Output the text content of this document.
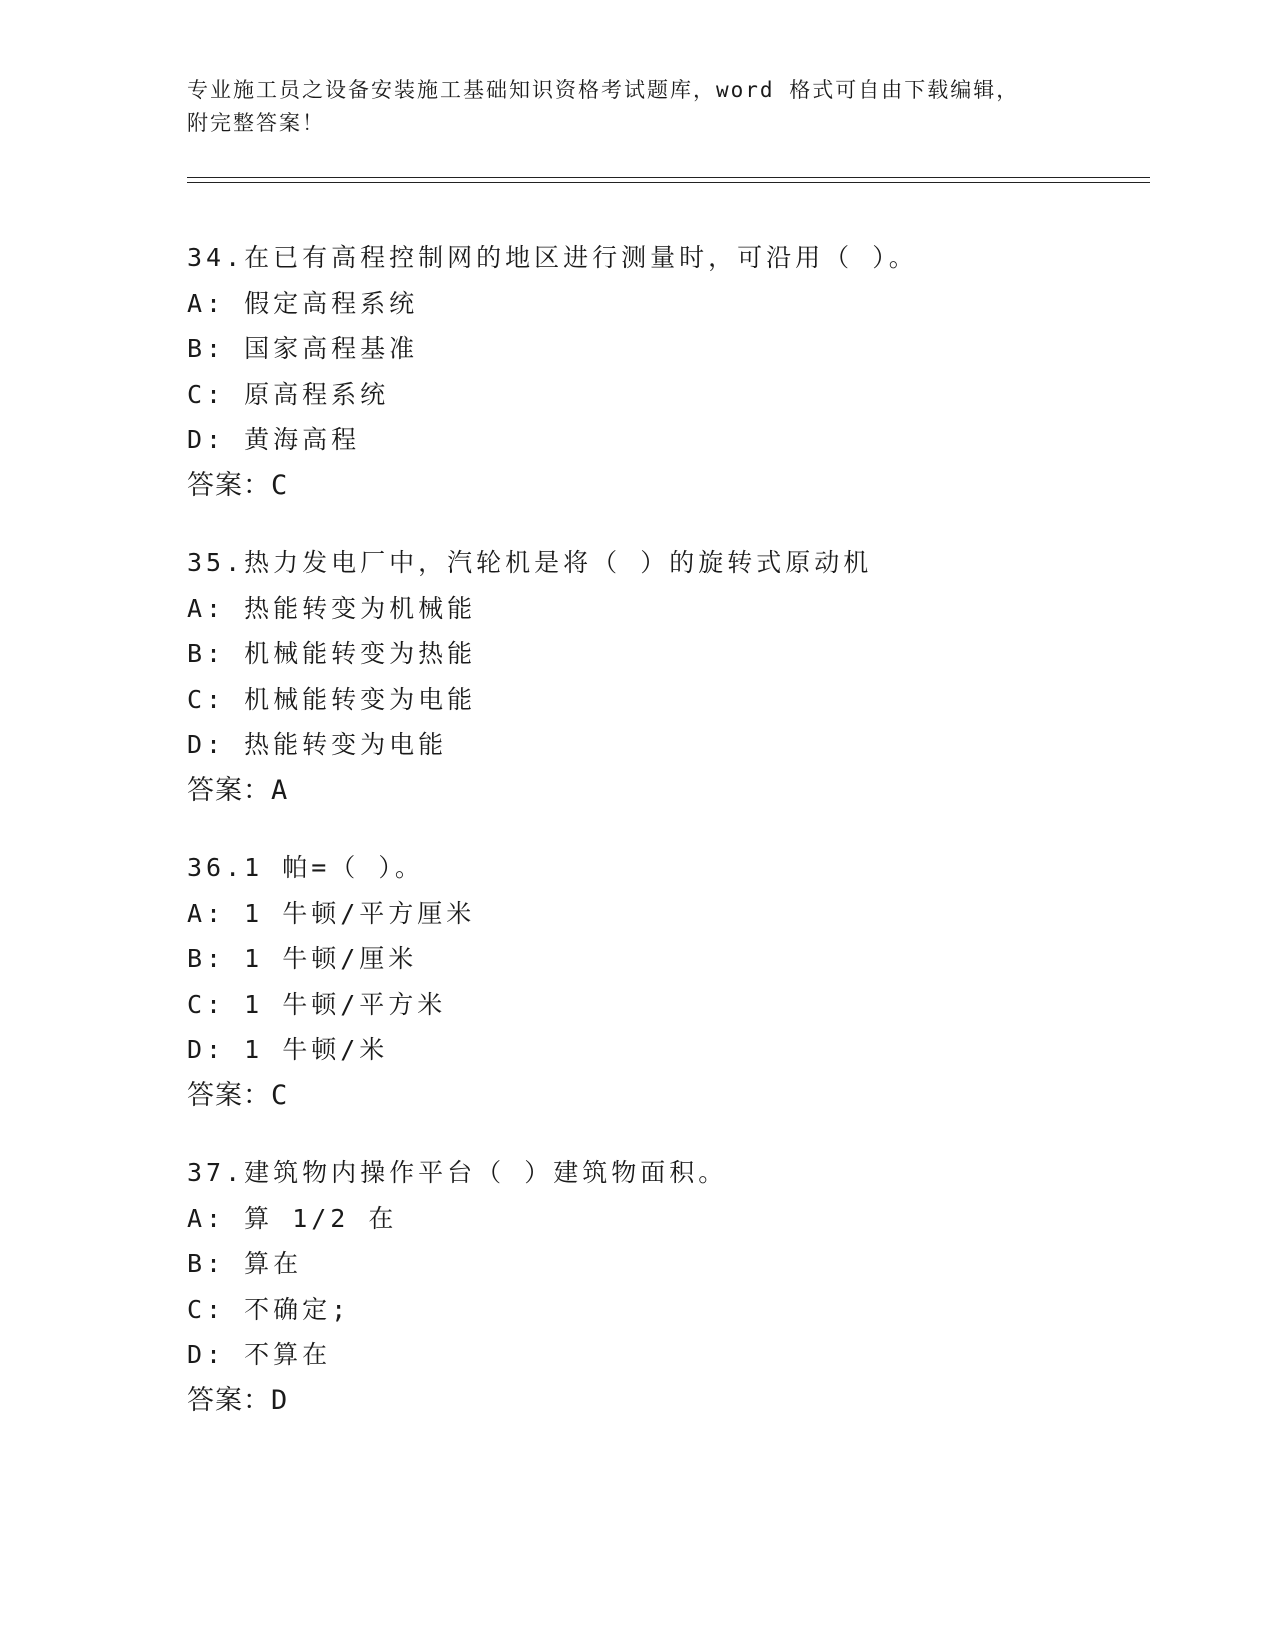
专业施工员之设备安装施工基础知识资格考试题库，word 格式可自由下载编辑，
附完整答案！
34.在已有高程控制网的地区进行测量时，可沿用（ ）。
A: 假定高程系统
B: 国家高程基准
C: 原高程系统
D: 黄海高程
答案：C
35.热力发电厂中，汽轮机是将（ ）的旋转式原动机
A: 热能转变为机械能
B: 机械能转变为热能
C: 机械能转变为电能
D: 热能转变为电能
答案：A
36.1 帕=（ ）。
A: 1 牛顿/平方厘米
B: 1 牛顿/厘米
C: 1 牛顿/平方米
D: 1 牛顿/米
答案：C
37.建筑物内操作平台（ ）建筑物面积。
A: 算 1/2 在
B: 算在
C: 不确定;
D: 不算在
答案：D
